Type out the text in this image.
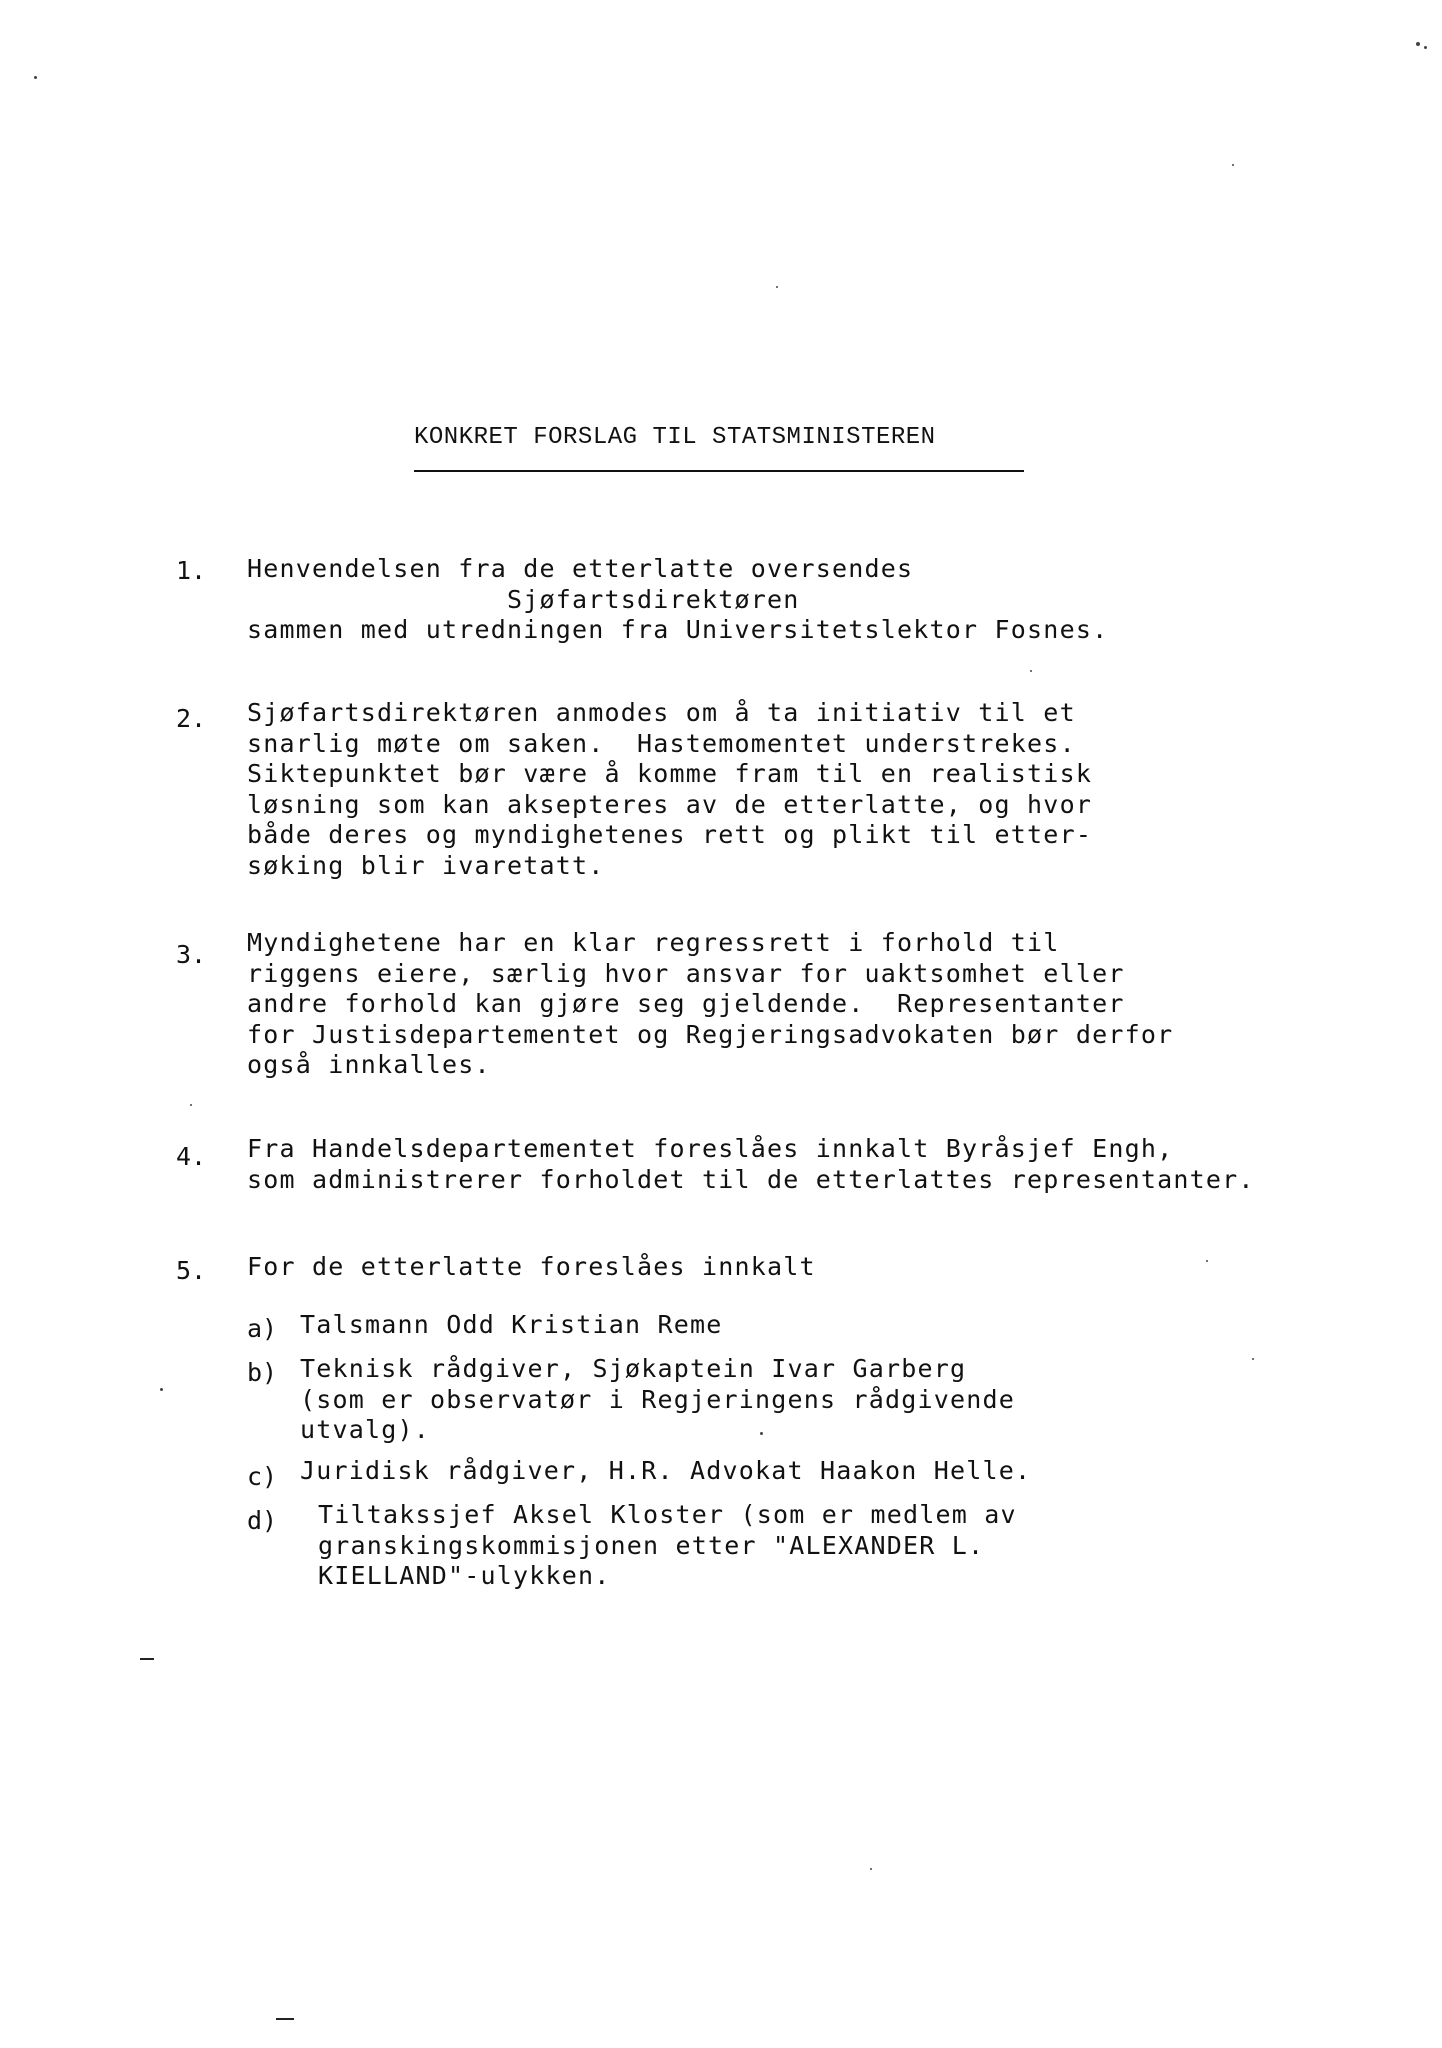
KONKRET FORSLAG TIL STATSMINISTEREN
1. Henvendelsen fra de etterlatte oversendes
Sjøfartsdirektøren
sammen med utredningen fra Universitetslektor Fosnes.
2. Sjøfartsdirektøren anmodes om å ta initiativ til et
snarlig møte om saken.  Hastemomentet understrekes.
Siktepunktet bør være å komme fram til en realistisk
løsning som kan aksepteres av de etterlatte, og hvor
både deres og myndighetenes rett og plikt til etter-
søking blir ivaretatt.
3. Myndighetene har en klar regressrett i forhold til
riggens eiere, særlig hvor ansvar for uaktsomhet eller
andre forhold kan gjøre seg gjeldende.  Representanter
for Justisdepartementet og Regjeringsadvokaten bør derfor
også innkalles.
4. Fra Handelsdepartementet foreslåes innkalt Byråsjef Engh,
som administrerer forholdet til de etterlattes representanter.
5. For de etterlatte foreslåes innkalt
a) Talsmann Odd Kristian Reme
b) Teknisk rådgiver, Sjøkaptein Ivar Garberg
(som er observatør i Regjeringens rådgivende
utvalg).
c) Juridisk rådgiver, H.R. Advokat Haakon Helle.
d) Tiltakssjef Aksel Kloster (som er medlem av
granskingskommisjonen etter "ALEXANDER L.
KIELLAND"-ulykken.
